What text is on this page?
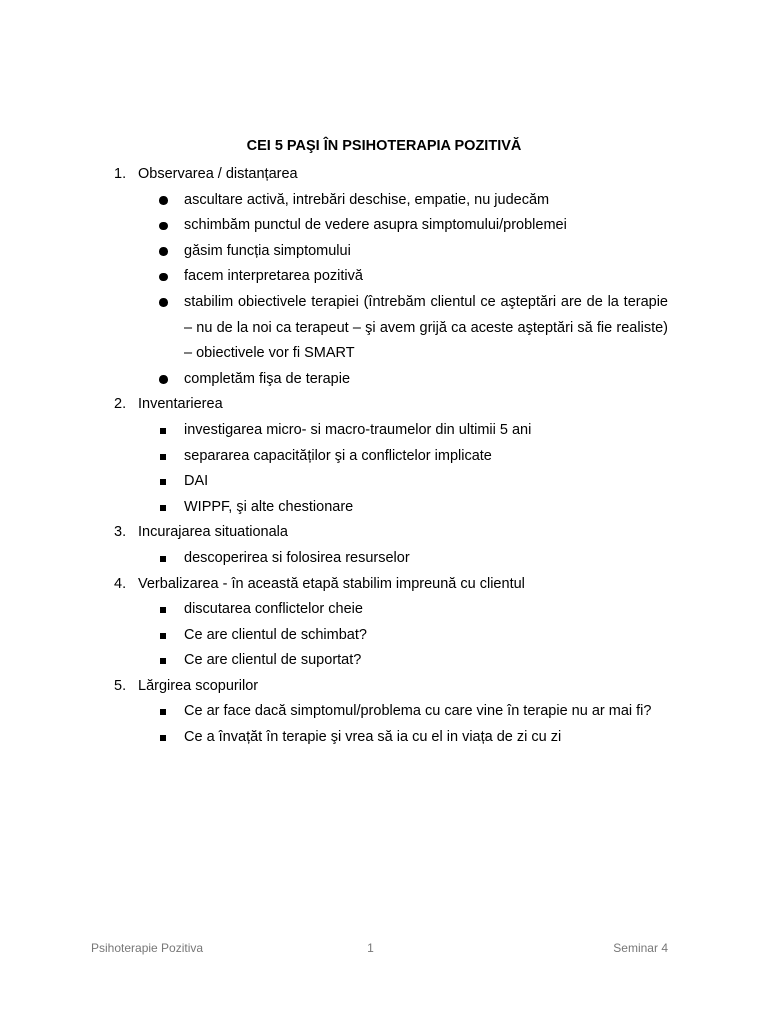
CEI 5 PAŞI ÎN PSIHOTERAPIA POZITIVĂ
1. Observarea / distanțarea
ascultare activă, intrebări deschise, empatie, nu judecăm
schimbăm punctul de vedere asupra simptomului/problemei
găsim funcția simptomului
facem interpretarea pozitivă
stabilim obiectivele terapiei (întrebăm clientul ce aşteptări are de la terapie – nu de la noi ca terapeut – şi avem grijă ca aceste aşteptări să fie realiste) – obiectivele vor fi SMART
completăm fişa de terapie
2. Inventarierea
investigarea micro- si macro-traumelor din ultimii 5 ani
separarea capacităților şi a conflictelor implicate
DAI
WIPPF, şi alte chestionare
3. Incurajarea situationala
descoperirea si folosirea resurselor
4. Verbalizarea - în această etapă stabilim impreună cu clientul
discutarea conflictelor cheie
Ce are clientul de schimbat?
Ce are clientul de suportat?
5. Lărgirea scopurilor
Ce ar face dacă simptomul/problema cu care vine în terapie nu ar mai fi?
Ce a învațăt în terapie şi vrea să ia cu el in viața de zi cu zi
Psihoterapie Pozitiva	1	Seminar 4
